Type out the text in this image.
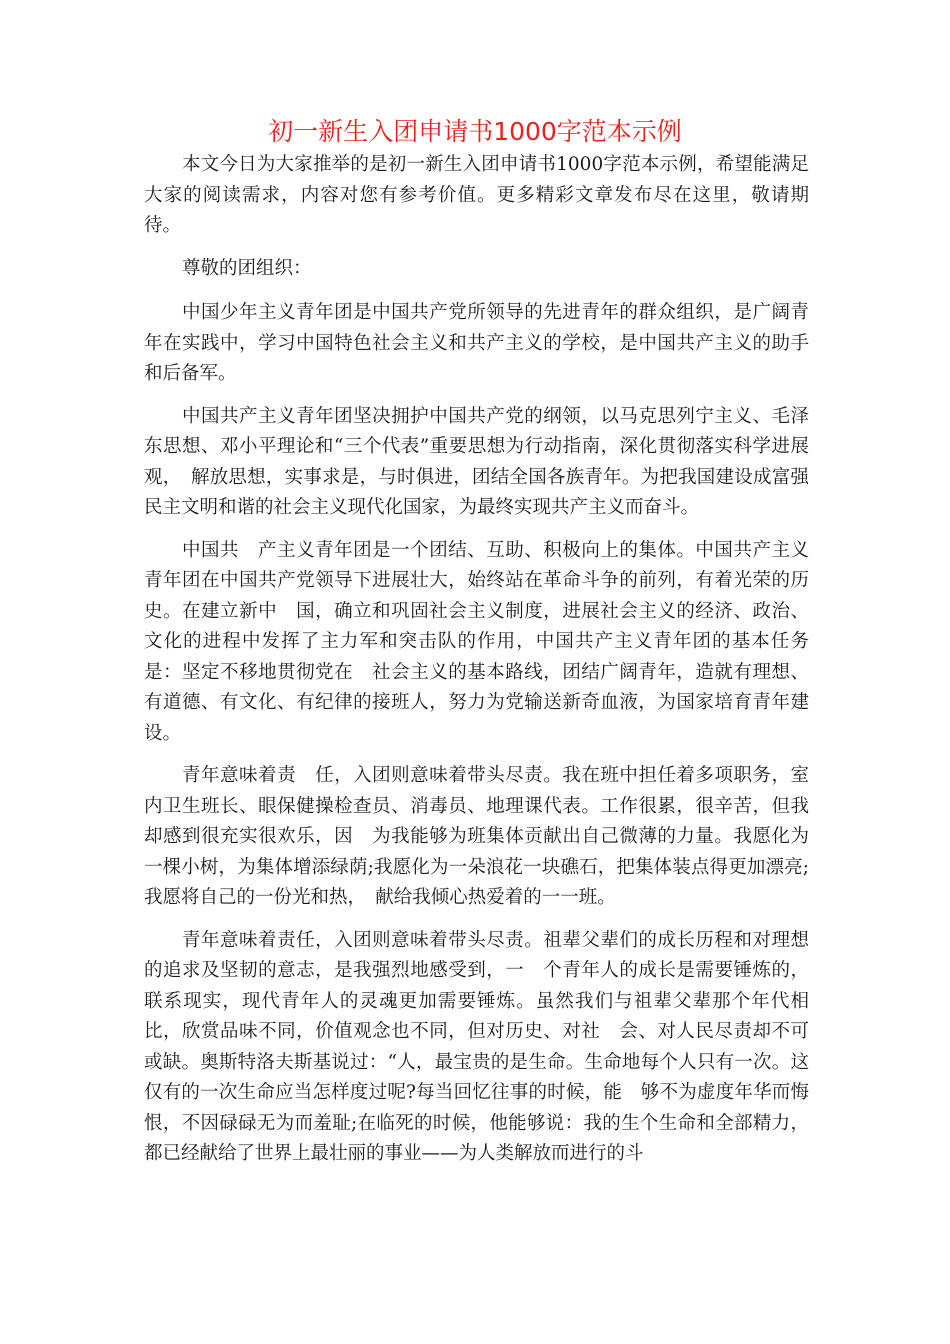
初一新生入团申请书1000字范本示例

本文今日为大家推举的是初一新生入团申请书1000字范本示例，希望能满足大家的阅读需求，内容对您有参考价值。更多精彩文章发布尽在这里，敬请期待。

尊敬的团组织：

中国少年主义青年团是中国共产党所领导的先进青年的群众组织，是广阔青年在实践中，学习中国特色社会主义和共产主义的学校，是中国共产主义的助手和后备军。

中国共产主义青年团坚决拥护中国共产党的纲领，以马克思列宁主义、毛泽东思想、邓小平理论和“三个代表”重要思想为行动指南，深化贯彻落实科学进展观，　解放思想，实事求是，与时俱进，团结全国各族青年。为把我国建设成富强民主文明和谐的社会主义现代化国家，为最终实现共产主义而奋斗。

中国共　产主义青年团是一个团结、互助、积极向上的集体。中国共产主义青年团在中国共产党领导下进展壮大，始终站在革命斗争的前列，有着光荣的历史。在建立新中　国，确立和巩固社会主义制度，进展社会主义的经济、政治、文化的进程中发挥了主力军和突击队的作用，中国共产主义青年团的基本任务是：坚定不移地贯彻党在　社会主义的基本路线，团结广阔青年，造就有理想、有道德、有文化、有纪律的接班人，努力为党输送新奇血液，为国家培育青年建设。

青年意味着责　任，入团则意味着带头尽责。我在班中担任着多项职务，室内卫生班长、眼保健操检查员、消毒员、地理课代表。工作很累，很辛苦，但我却感到很充实很欢乐，因　为我能够为班集体贡献出自己微薄的力量。我愿化为一棵小树，为集体增添绿荫;我愿化为一朵浪花一块礁石，把集体装点得更加漂亮;我愿将自己的一份光和热，　献给我倾心热爱着的一一班。

青年意味着责任，入团则意味着带头尽责。祖辈父辈们的成长历程和对理想的追求及坚韧的意志，是我强烈地感受到，一　个青年人的成长是需要锤炼的，联系现实，现代青年人的灵魂更加需要锤炼。虽然我们与祖辈父辈那个年代相比，欣赏品味不同，价值观念也不同，但对历史、对社　会、对人民尽责却不可或缺。奥斯特洛夫斯基说过：“人，最宝贵的是生命。生命地每个人只有一次。这仅有的一次生命应当怎样度过呢?每当回忆往事的时候，能　够不为虚度年华而悔恨，不因碌碌无为而羞耻;在临死的时候，他能够说：我的生个生命和全部精力，都已经献给了世界上最壮丽的事业——为人类解放而进行的斗
